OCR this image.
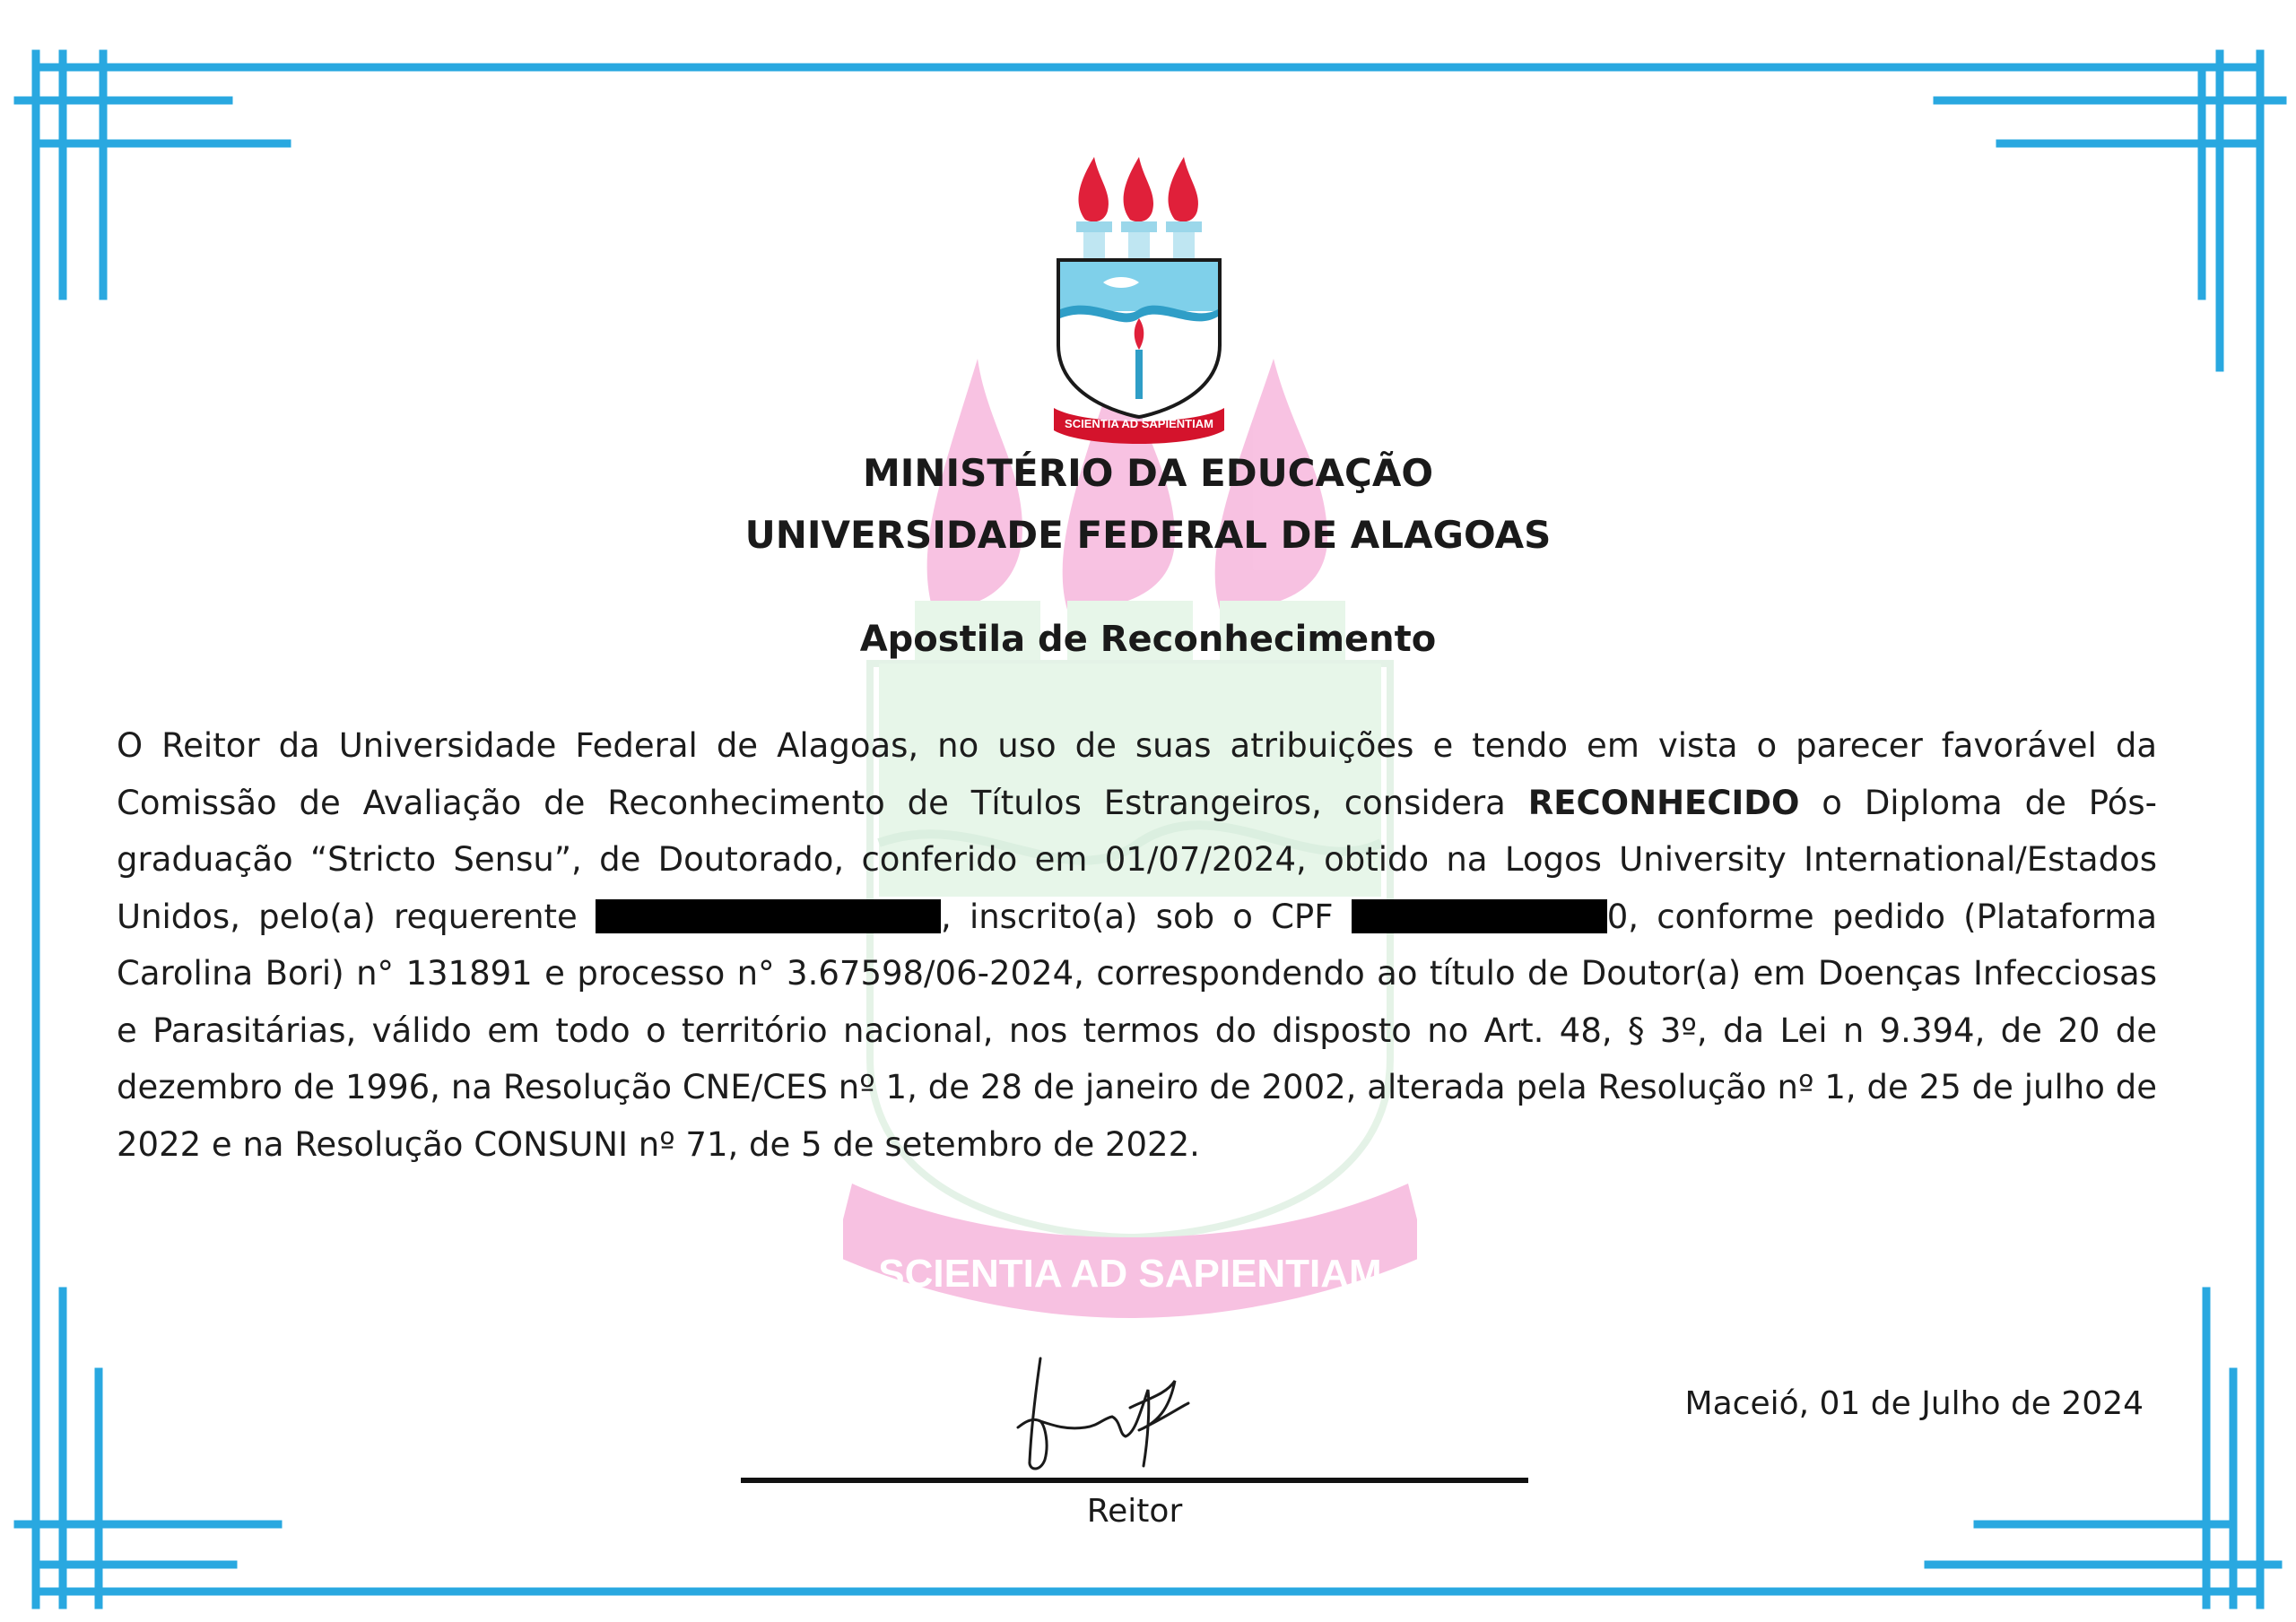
SCIENTIA AD SAPIENTIAM
SCIENTIA AD SAPIENTIAM
MINISTÉRIO DA EDUCAÇÃO
UNIVERSIDADE FEDERAL DE ALAGOAS
Apostila de Reconhecimento
O Reitor da Universidade Federal de Alagoas, no uso de suas atribuições e tendo em vista o parecer favorável da Comissão de Avaliação de Reconhecimento de Títulos Estrangeiros, considera RECONHECIDO o Diploma de Pós-graduação “Stricto Sensu”, de Doutorado, conferido em 01/07/2024, obtido na Logos University International/Estados Unidos, pelo(a) requerente	, inscrito(a) sob o CPF	0, conforme pedido (Plataforma Carolina Bori) n° 131891 e processo n° 3.67598/06-2024, correspondendo ao título de Doutor(a) em Doenças Infecciosas e Parasitárias, válido em todo o território nacional, nos termos do disposto no Art. 48, § 3º, da Lei n 9.394, de 20 de dezembro de 1996, na Resolução CNE/CES nº 1, de 28 de janeiro de 2002, alterada pela Resolução nº 1, de 25 de julho de 2022 e na Resolução CONSUNI nº 71, de 5 de setembro de 2022.
Maceió, 01 de Julho de 2024
Reitor
